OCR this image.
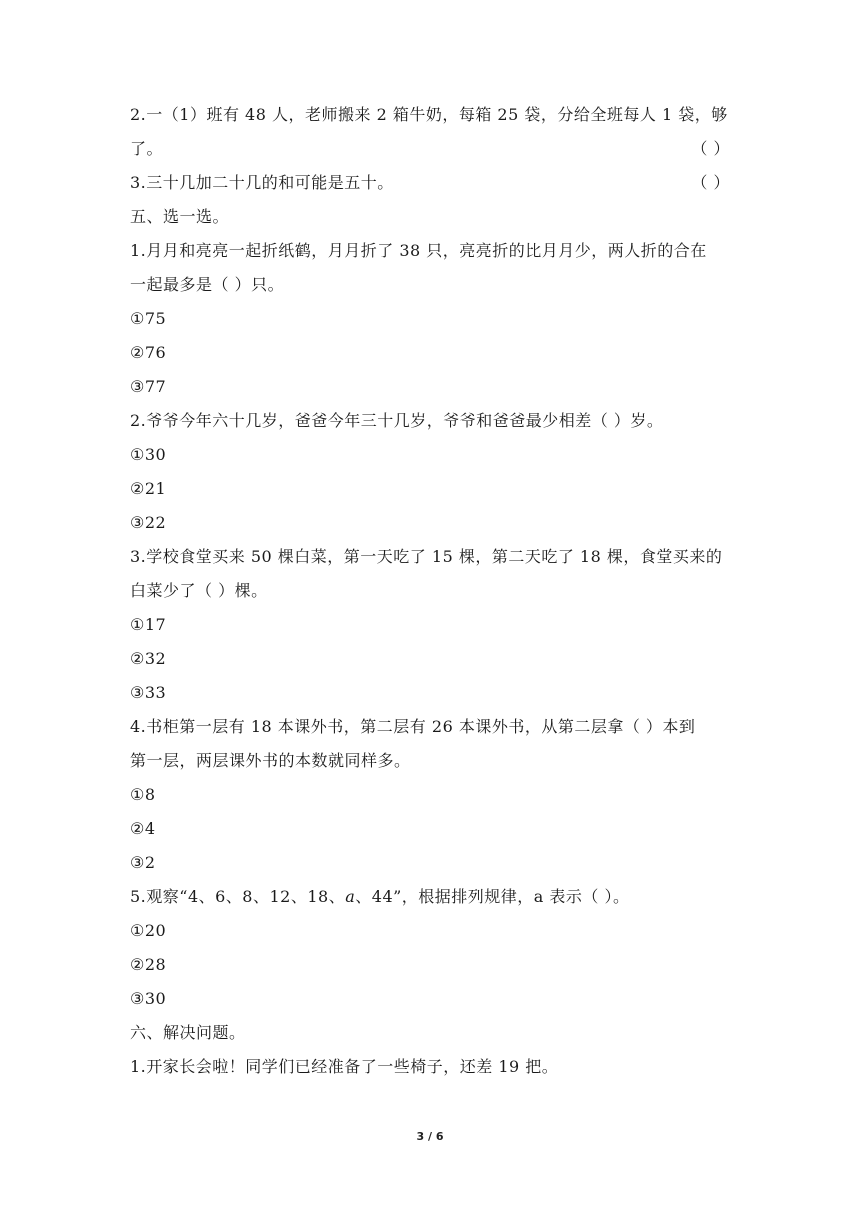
2.一（1）班有 48 人，老师搬来 2 箱牛奶，每箱 25 袋，分给全班每人 1 袋，够
了。	（ ）
3.三十几加二十几的和可能是五十。	（ ）
五、选一选。
1.月月和亮亮一起折纸鹤，月月折了 38 只，亮亮折的比月月少，两人折的合在
一起最多是（ ）只。
①75
②76
③77
2.爷爷今年六十几岁，爸爸今年三十几岁，爷爷和爸爸最少相差（ ）岁。
①30
②21
③22
3.学校食堂买来 50 棵白菜，第一天吃了 15 棵，第二天吃了 18 棵，食堂买来的
白菜少了（ ）棵。
①17
②32
③33
4.书柜第一层有 18 本课外书，第二层有 26 本课外书，从第二层拿（ ）本到
第一层，两层课外书的本数就同样多。
①8
②4
③2
5.观察“4、6、8、12、18、a、44”，根据排列规律，a 表示（ ）。
①20
②28
③30
六、解决问题。
1.开家长会啦！同学们已经准备了一些椅子，还差 19 把。
3 / 6
